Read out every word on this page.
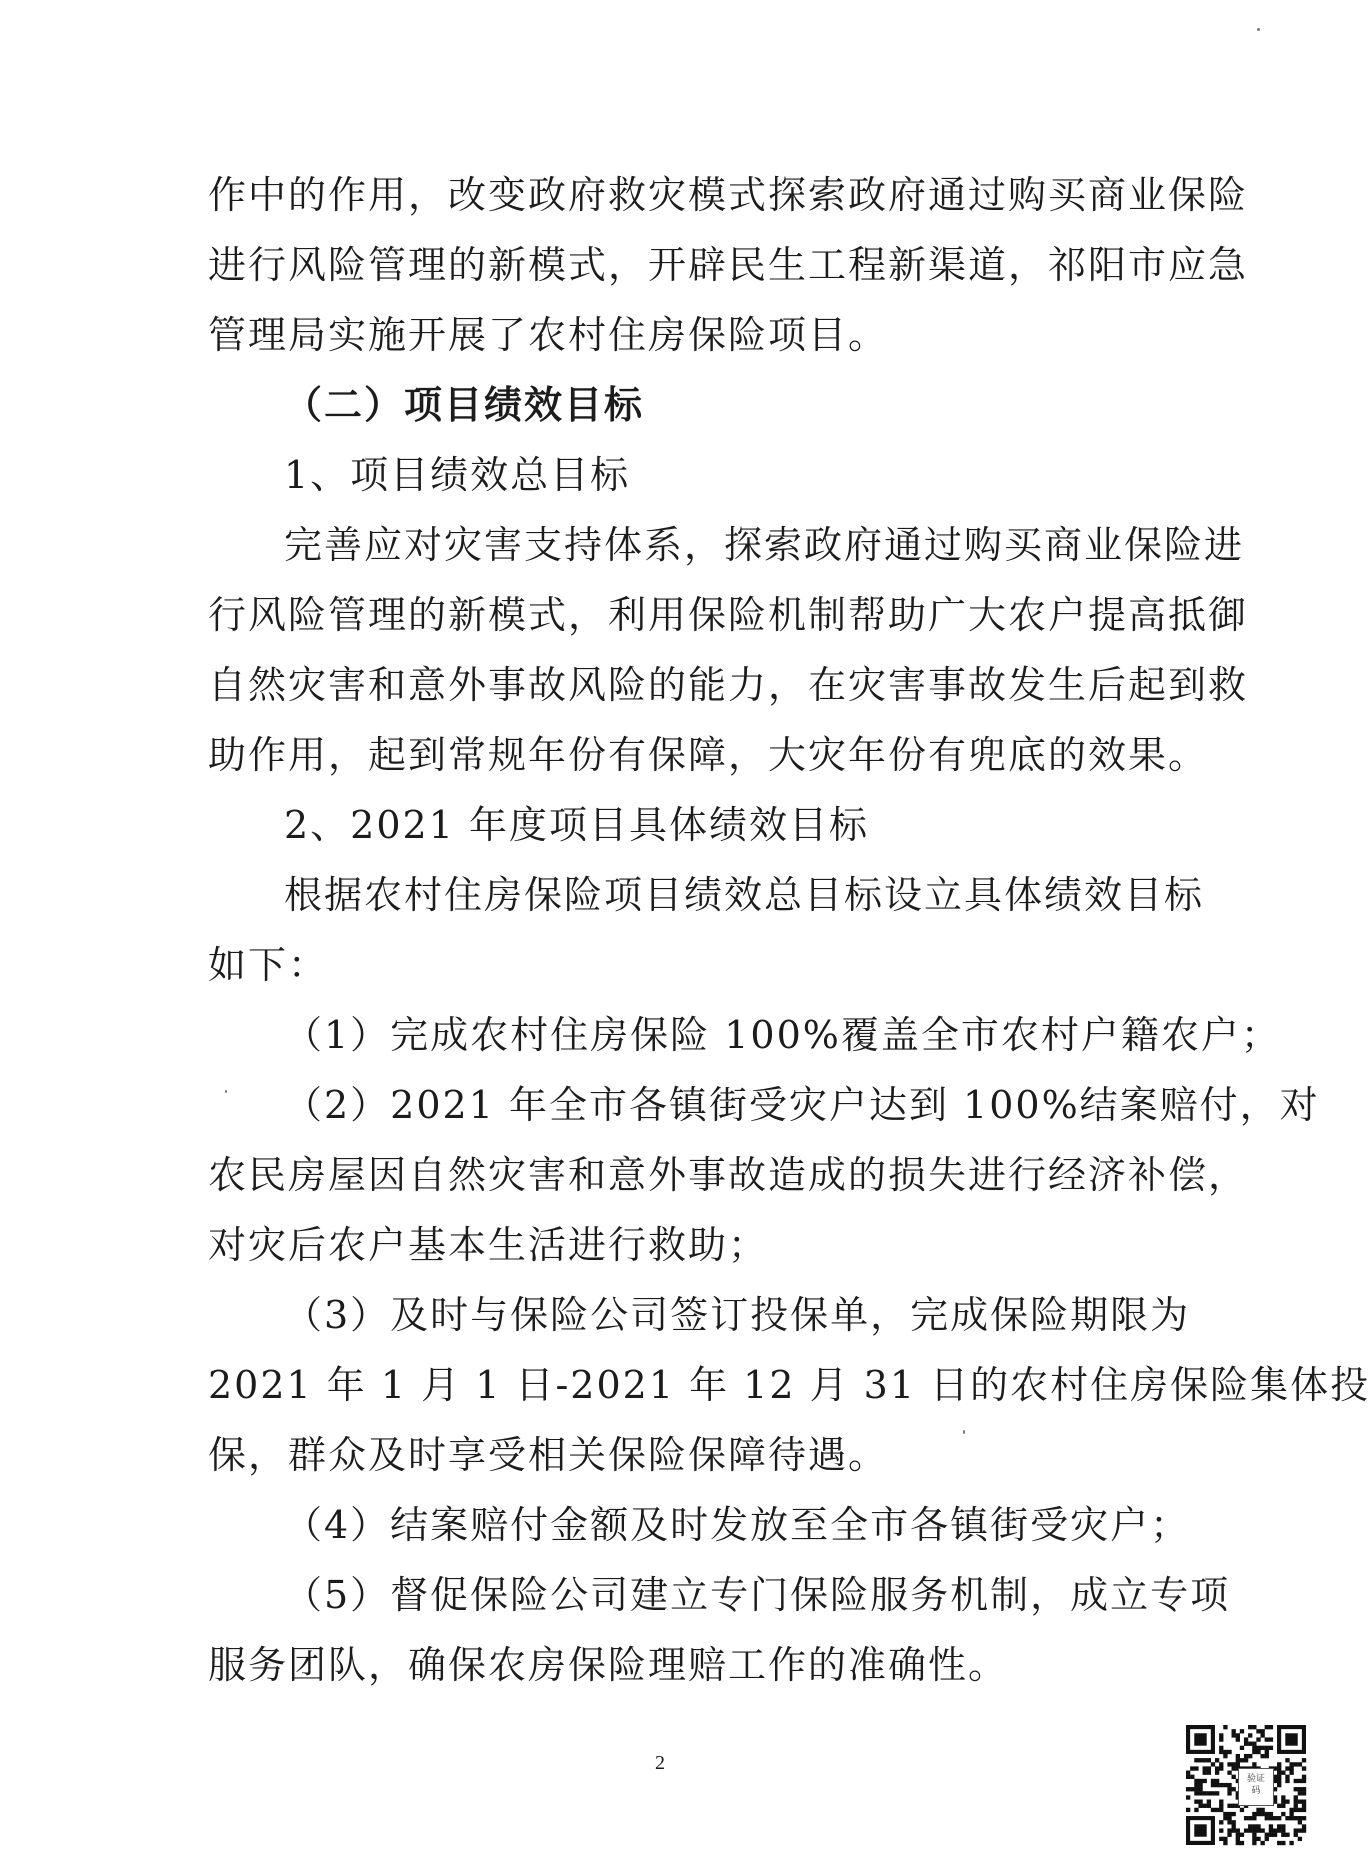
作中的作用，改变政府救灾模式探索政府通过购买商业保险
进行风险管理的新模式，开辟民生工程新渠道，祁阳市应急
管理局实施开展了农村住房保险项目。
（二）项目绩效目标
1、项目绩效总目标
完善应对灾害支持体系，探索政府通过购买商业保险进
行风险管理的新模式，利用保险机制帮助广大农户提高抵御
自然灾害和意外事故风险的能力，在灾害事故发生后起到救
助作用，起到常规年份有保障，大灾年份有兜底的效果。
2、2021 年度项目具体绩效目标
根据农村住房保险项目绩效总目标设立具体绩效目标
如下：
（1）完成农村住房保险 100%覆盖全市农村户籍农户；
（2）2021 年全市各镇街受灾户达到 100%结案赔付，对
农民房屋因自然灾害和意外事故造成的损失进行经济补偿，
对灾后农户基本生活进行救助；
（3）及时与保险公司签订投保单，完成保险期限为
2021 年 1 月 1 日-2021 年 12 月 31 日的农村住房保险集体投
保，群众及时享受相关保险保障待遇。
（4）结案赔付金额及时发放至全市各镇街受灾户；
（5）督促保险公司建立专门保险服务机制，成立专项
服务团队，确保农房保险理赔工作的准确性。
2
验证
码
